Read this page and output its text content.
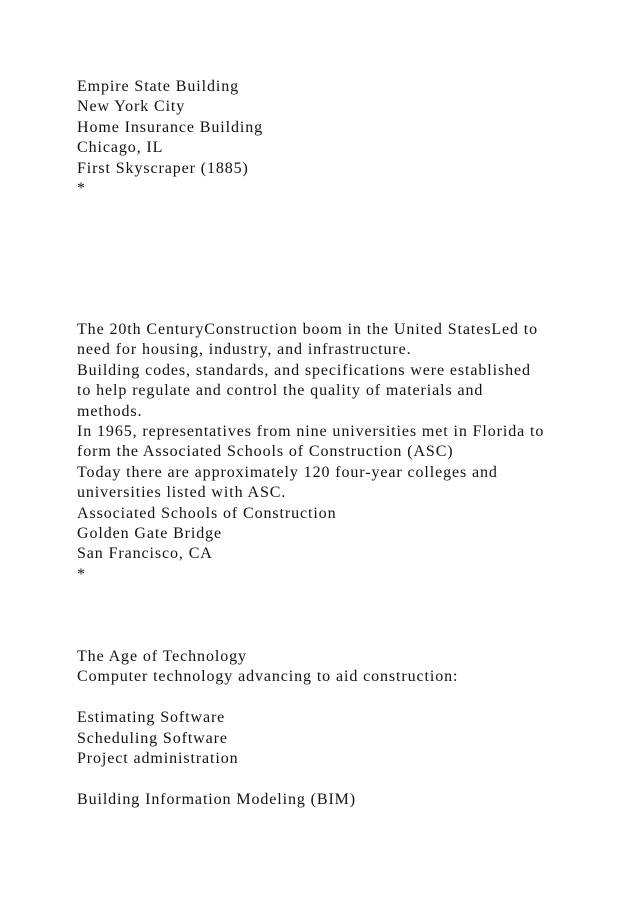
Empire State Building
New York City
Home Insurance Building
Chicago, IL
First Skyscraper (1885)
*
The 20th CenturyConstruction boom in the United StatesLed to
need for housing, industry, and infrastructure.
Building codes, standards, and specifications were established
to help regulate and control the quality of materials and
methods.
In 1965, representatives from nine universities met in Florida to
form the Associated Schools of Construction (ASC)
Today there are approximately 120 four-year colleges and
universities listed with ASC.
Associated Schools of Construction
Golden Gate Bridge
San Francisco, CA
*
The Age of Technology
Computer technology advancing to aid construction:
Estimating Software
Scheduling Software
Project administration
Building Information Modeling (BIM)
